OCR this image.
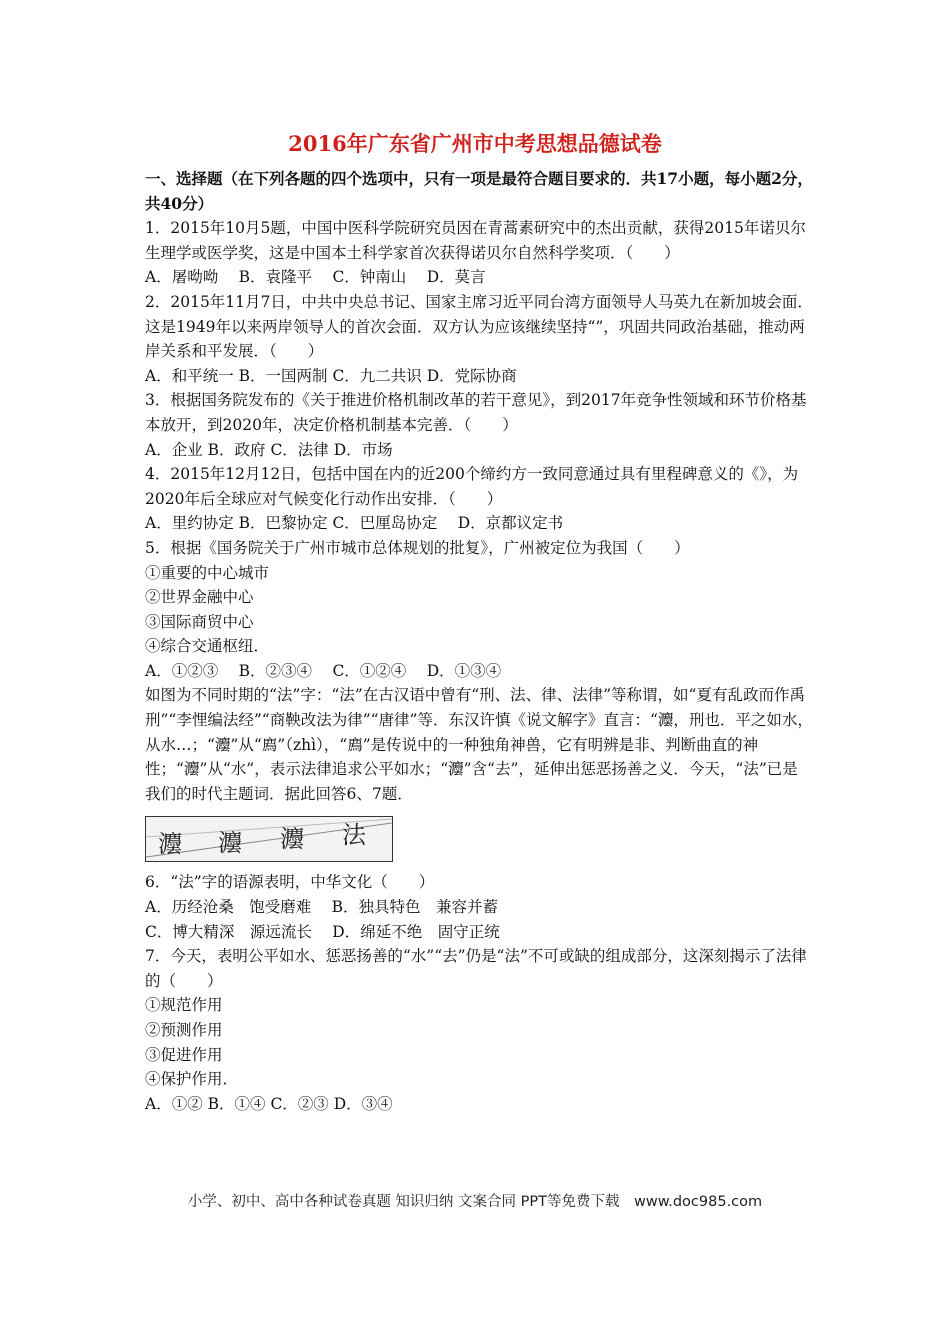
2016年广东省广州市中考思想品德试卷

一、选择题（在下列各题的四个选项中，只有一项是最符合题目要求的．共17小题，每小题2分，共40分）

1．2015年10月5题，中国中医科学院研究员因在青蒿素研究中的杰出贡献，获得2015年诺贝尔生理学或医学奖，这是中国本土科学家首次获得诺贝尔自然科学奖项．（　　）

A．屠呦呦　 B．袁隆平　 C．钟南山　 D．莫言

2．2015年11月7日，中共中央总书记、国家主席习近平同台湾方面领导人马英九在新加坡会面．这是1949年以来两岸领导人的首次会面．双方认为应该继续坚持“”，巩固共同政治基础，推动两岸关系和平发展．（　　）

A．和平统一 B．一国两制 C．九二共识 D．党际协商

3．根据国务院发布的《关于推进价格机制改革的若干意见》，到2017年竞争性领域和环节价格基本放开，到2020年，决定价格机制基本完善．（　　）

A．企业 B．政府 C．法律 D．市场

4．2015年12月12日，包括中国在内的近200个缔约方一致同意通过具有里程碑意义的《》，为2020年后全球应对气候变化行动作出安排．（　　）

A．里约协定 B．巴黎协定 C．巴厘岛协定　 D．京都议定书

5．根据《国务院关于广州市城市总体规划的批复》，广州被定位为我国（　　）

①重要的中心城市

②世界金融中心

③国际商贸中心

④综合交通枢纽．

A．①②③　 B．②③④　 C．①②④　 D．①③④

如图为不同时期的“法”字：“法”在古汉语中曾有“刑、法、律、法律”等称谓，如“夏有乱政而作禹刑”“李悝编法经”“商鞅改法为律”“唐律”等．东汉许慎《说文解字》直言：“灋，刑也．平之如水，从水…；“灋”从“廌”（zhì），“廌”是传说中的一种独角神兽，它有明辨是非、判断曲直的神性；“灋”从“水”，表示法律追求公平如水；“灋”含“去”，延伸出惩恶扬善之义．今天，“法”已是我们的时代主题词．据此回答6、7题．

灋 灋 灋 法

6．“法”字的语源表明，中华文化（　　）

A．历经沧桑　饱受磨难　 B．独具特色　兼容并蓄

C．博大精深　源远流长　 D．绵延不绝　固守正统

7．今天，表明公平如水、惩恶扬善的“水”“去”仍是“法”不可或缺的组成部分，这深刻揭示了法律的（　　）

①规范作用

②预测作用

③促进作用

④保护作用．

A．①② B．①④ C．②③ D．③④

小学、初中、高中各种试卷真题 知识归纳 文案合同 PPT等免费下载　www.doc985.com
